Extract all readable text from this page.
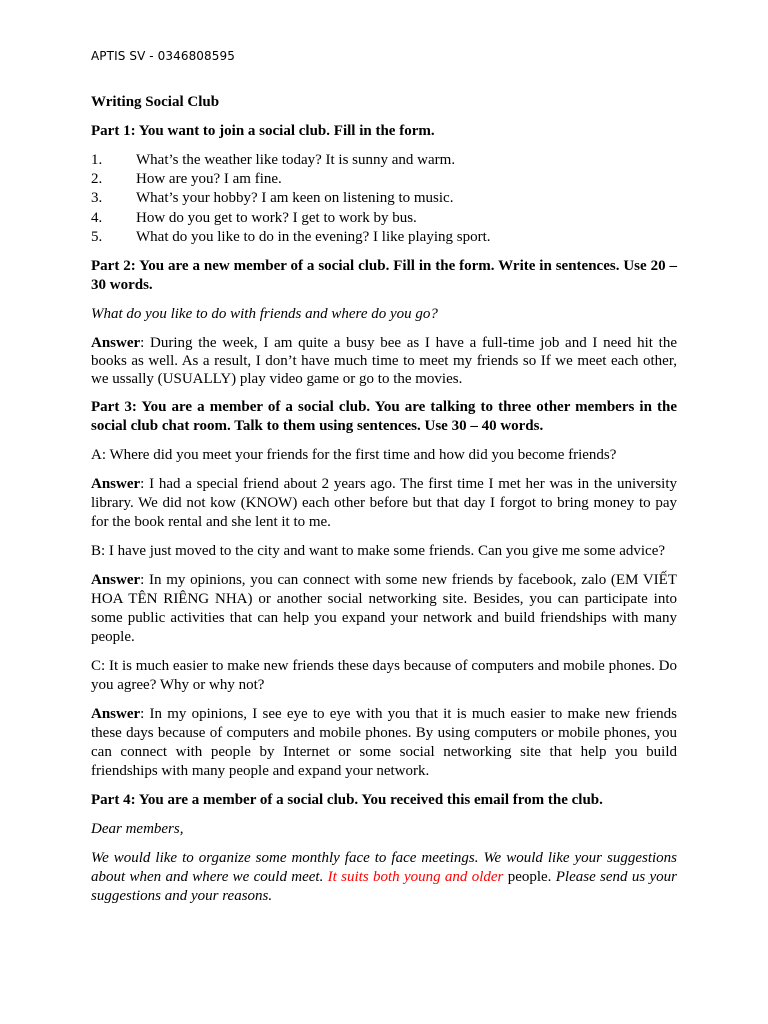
APTIS SV - 0346808595

Writing Social Club

Part 1: You want to join a social club. Fill in the form.

1.	What’s the weather like today? It is sunny and warm.
2.	How are you? I am fine.
3.	What’s your hobby? I am keen on listening to music.
4.	How do you get to work? I get to work by bus.
5.	What do you like to do in the evening? I like playing sport.

Part 2: You are a new member of a social club. Fill in the form. Write in sentences. Use 20 – 30 words.

What do you like to do with friends and where do you go?

Answer: During the week, I am quite a busy bee as I have a full-time job and I need hit the books as well. As a result, I don’t have much time to meet my friends so If we meet each other, we ussally (USUALLY) play video game or go to the movies.

Part 3: You are a member of a social club. You are talking to three other members in the social club chat room. Talk to them using sentences. Use 30 – 40 words.

A: Where did you meet your friends for the first time and how did you become friends?

Answer: I had a special friend about 2 years ago. The first time I met her was in the university library. We did not kow (KNOW) each other before but that day I forgot to bring money to pay for the book rental and she lent it to me.

B: I have just moved to the city and want to make some friends. Can you give me some advice?

Answer: In my opinions, you can connect with some new friends by facebook, zalo (EM VIẾT HOA TÊN RIÊNG NHA) or another social networking site. Besides, you can participate into some public activities that can help you expand your network and build friendships with many people.

C: It is much easier to make new friends these days because of computers and mobile phones. Do you agree? Why or why not?

Answer: In my opinions, I see eye to eye with you that it is much easier to make new friends these days because of computers and mobile phones. By using computers or mobile phones, you can connect with people by Internet or some social networking site that help you build friendships with many people and expand your network.

Part 4: You are a member of a social club. You received this email from the club.

Dear members,

We would like to organize some monthly face to face meetings. We would like your suggestions about when and where we could meet. It suits both young and older people. Please send us your suggestions and your reasons.
